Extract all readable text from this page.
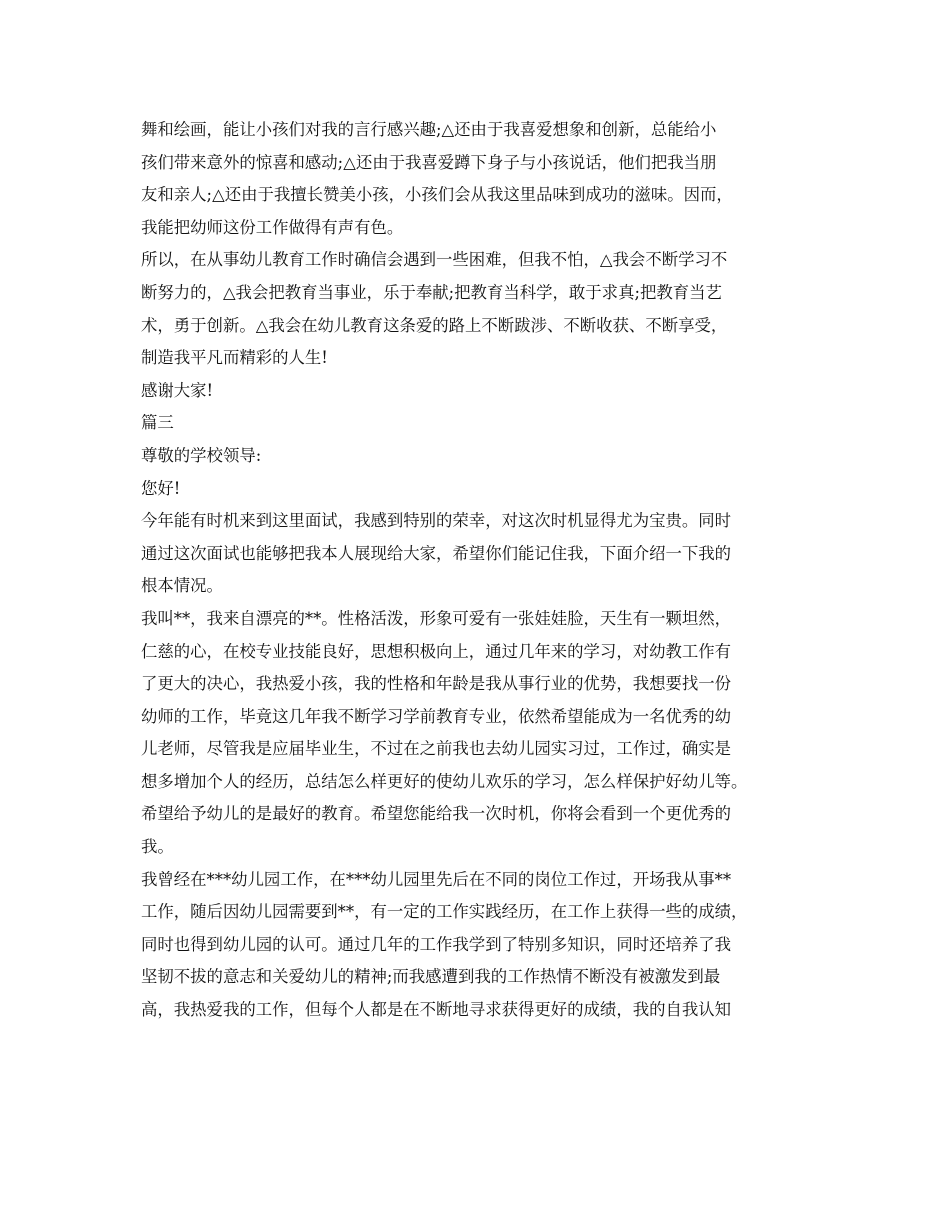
舞和绘画，能让小孩们对我的言行感兴趣;△还由于我喜爱想象和创新，总能给小
孩们带来意外的惊喜和感动;△还由于我喜爱蹲下身子与小孩说话，他们把我当朋
友和亲人;△还由于我擅长赞美小孩，小孩们会从我这里品味到成功的滋味。因而，
我能把幼师这份工作做得有声有色。
所以，在从事幼儿教育工作时确信会遇到一些困难，但我不怕，△我会不断学习不
断努力的，△我会把教育当事业，乐于奉献;把教育当科学，敢于求真;把教育当艺
术，勇于创新。△我会在幼儿教育这条爱的路上不断跋涉、不断收获、不断享受，
制造我平凡而精彩的人生!
感谢大家!
篇三
尊敬的学校领导:
您好!
今年能有时机来到这里面试，我感到特别的荣幸，对这次时机显得尤为宝贵。同时
通过这次面试也能够把我本人展现给大家，希望你们能记住我，下面介绍一下我的
根本情况。
我叫**，我来自漂亮的**。性格活泼，形象可爱有一张娃娃脸，天生有一颗坦然，
仁慈的心，在校专业技能良好，思想积极向上，通过几年来的学习，对幼教工作有
了更大的决心，我热爱小孩，我的性格和年龄是我从事行业的优势，我想要找一份
幼师的工作，毕竟这几年我不断学习学前教育专业，依然希望能成为一名优秀的幼
儿老师，尽管我是应届毕业生，不过在之前我也去幼儿园实习过，工作过，确实是
想多增加个人的经历，总结怎么样更好的使幼儿欢乐的学习，怎么样保护好幼儿等。
希望给予幼儿的是最好的教育。希望您能给我一次时机，你将会看到一个更优秀的
我。
我曾经在***幼儿园工作，在***幼儿园里先后在不同的岗位工作过，开场我从事**
工作，随后因幼儿园需要到**，有一定的工作实践经历，在工作上获得一些的成绩，
同时也得到幼儿园的认可。通过几年的工作我学到了特别多知识，同时还培养了我
坚韧不拔的意志和关爱幼儿的精神;而我感遭到我的工作热情不断没有被激发到最
高，我热爱我的工作，但每个人都是在不断地寻求获得更好的成绩，我的自我认知
